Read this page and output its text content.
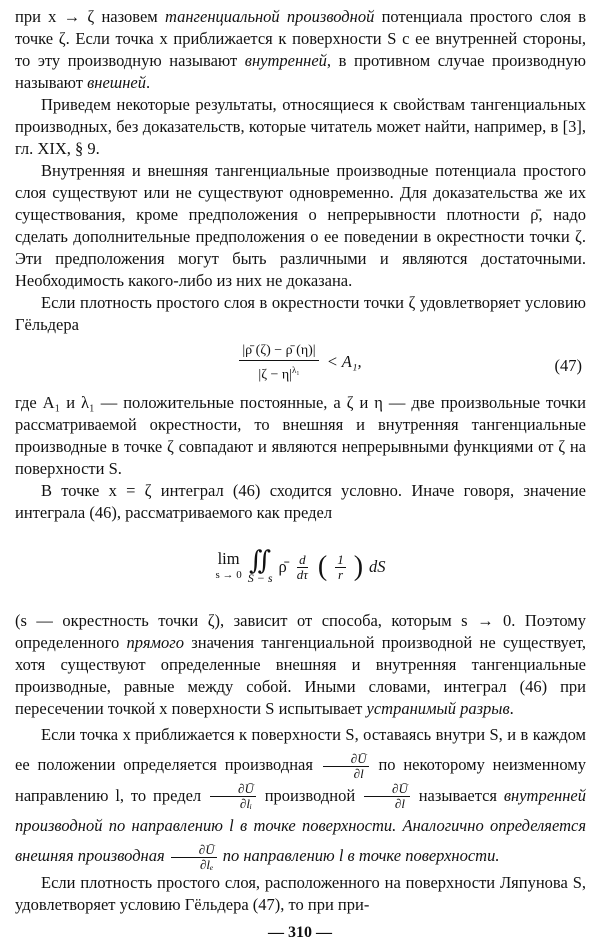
при x → ζ назовем тангенциальной производной потенциала простого слоя в точке ζ. Если точка x приближается к поверхности S с ее внутренней стороны, то эту производную называют внутренней, в противном случае производную называют внешней.

Приведем некоторые результаты, относящиеся к свойствам тангенциальных производных, без доказательств, которые читатель может найти, например, в [3], гл. XIX, § 9.

Внутренняя и внешняя тангенциальные производные потенциала простого слоя существуют или не существуют одновременно. Для доказательства же их существования, кроме предположения о непрерывности плотности ρ̄, надо сделать дополнительные предположения о ее поведении в окрестности точки ζ. Эти предположения могут быть различными и являются достаточными. Необходимость какого-либо из них не доказана.

Если плотность простого слоя в окрестности точки ζ удовлетворяет условию Гёльдера

$\frac{|\rhō (\zeta) - \rhō (\eta)|}{|\zeta - \eta|^{\lambda_1}} < A_1$,	(47)

где A₁ и λ₁ — положительные постоянные, а ζ и η — две произвольные точки рассматриваемой окрестности, то внешняя и внутренняя тангенциальные производные в точке ζ совпадают и являются непрерывными функциями от ζ на поверхности S.

В точке x = ζ интеграл (46) сходится условно. Иначе говоря, значение интеграла (46), рассматриваемого как предел

lim
s → 0 ∬
S − s
ρ̄ $\frac{d}{d\tau}$ ( $\frac{1}{r}$ ) dS

(s — окрестность точки ζ), зависит от способа, которым s → 0. Поэтому определенного прямого значения тангенциальной производной не существует, хотя существуют определенные внешняя и внутренняя тангенциальные производные, равные между собой. Иными словами, интеграл (46) при пересечении точкой x поверхности S испытывает устранимый разрыв.

Если точка x приближается к поверхности S, оставаясь внутри S, и в каждом ее положении определяется производная $\frac{\partial Ū}{\partial l}$ по некоторому неизменному направлению l, то предел $\frac{\partial Ū}{\text{∂lᵢ}}$ производной $\frac{\partial Ū}{\partial l}$ называется внутренней производной по направлению l в точке поверхности. Аналогично определяется внешняя производная $\frac{\partial Ū}{\text{∂lₑ}}$ по направлению l в точке поверхности.

Если плотность простого слоя, расположенного на поверхности Ляпунова S, удовлетворяет условию Гёльдера (47), то при при-

— 310 —
